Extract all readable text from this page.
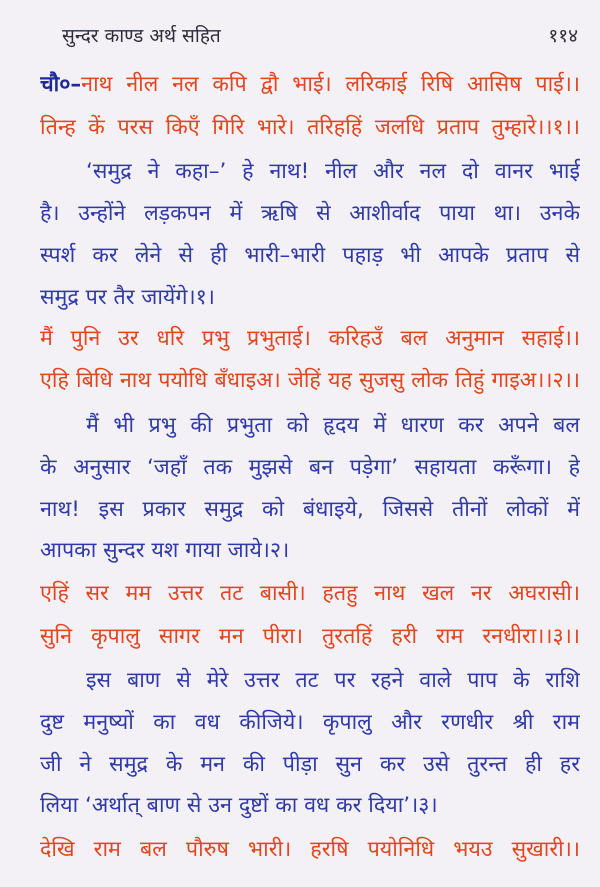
सुन्दर काण्ड अर्थ सहित	११४
चौ०–नाथ नील नल कपि द्वौ भाई। लरिकाई रिषि आसिष पाई।।
तिन्ह कें परस किएँ गिरि भारे। तरिहहिं जलधि प्रताप तुम्हारे।।१।।
‘समुद्र ने कहा–’ हे नाथ! नील और नल दो वानर भाई
है। उन्होंने लड़कपन में ऋषि से आशीर्वाद पाया था। उनके
स्पर्श कर लेने से ही भारी–भारी पहाड़ भी आपके प्रताप से
समुद्र पर तैर जायेंगे।१।
मैं पुनि उर धरि प्रभु प्रभुताई। करिहउँ बल अनुमान सहाई।।
एहि बिधि नाथ पयोधि बँधाइअ। जेहिं यह सुजसु लोक तिहुं गाइअ।।२।।
मैं भी प्रभु की प्रभुता को हृदय में धारण कर अपने बल
के अनुसार ‘जहाँ तक मुझसे बन पड़ेगा’ सहायता करूँगा। हे
नाथ! इस प्रकार समुद्र को बंधाइये, जिससे तीनों लोकों में
आपका सुन्दर यश गाया जाये।२।
एहिं सर मम उत्तर तट बासी। हतहु नाथ खल नर अघरासी।
सुनि कृपालु सागर मन पीरा। तुरतहिं हरी राम रनधीरा।।३।।
इस बाण से मेरे उत्तर तट पर रहने वाले पाप के राशि
दुष्ट मनुष्यों का वध कीजिये। कृपालु और रणधीर श्री राम
जी ने समुद्र के मन की पीड़ा सुन कर उसे तुरन्त ही हर
लिया ‘अर्थात् बाण से उन दुष्टों का वध कर दिया’।३।
देखि राम बल पौरुष भारी। हरषि पयोनिधि भयउ सुखारी।।
